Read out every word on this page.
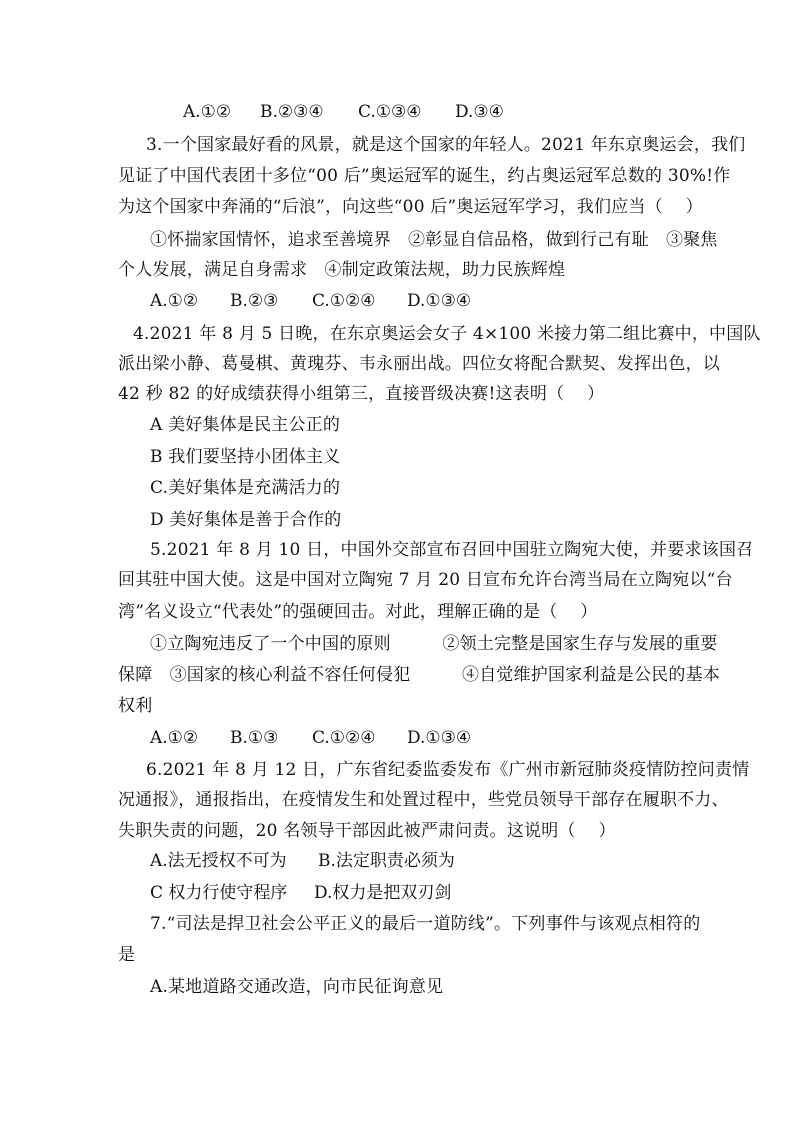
A.①② B.②③④ C.①③④ D.③④
3.一个国家最好看的风景，就是这个国家的年轻人。2021 年东京奥运会，我们
见证了中国代表团十多位“00 后”奥运冠军的诞生，约占奥运冠军总数的 30%!作
为这个国家中奔涌的“后浪”，向这些“00 后”奥运冠军学习，我们应当（　 ）
①怀揣家国情怀，追求至善境界　②彰显自信品格，做到行己有耻　③聚焦
个人发展，满足自身需求　④制定政策法规，助力民族辉煌
A.①② B.②③ C.①②④ D.①③④
4.2021 年 8 月 5 日晚，在东京奥运会女子 4×100 米接力第二组比赛中，中国队
派出梁小静、葛曼棋、黄瑰芬、韦永丽出战。四位女将配合默契、发挥出色，以
42 秒 82 的好成绩获得小组第三，直接晋级决赛!这表明（　 ）
A 美好集体是民主公正的
B 我们要坚持小团体主义
C.美好集体是充满活力的
D 美好集体是善于合作的
5.2021 年 8 月 10 日，中国外交部宣布召回中国驻立陶宛大使，并要求该国召
回其驻中国大使。这是中国对立陶宛 7 月 20 日宣布允许台湾当局在立陶宛以“台
湾”名义设立“代表处”的强硬回击。对此，理解正确的是（　 ）
①立陶宛违反了一个中国的原则　　　②领土完整是国家生存与发展的重要
保障　③国家的核心利益不容任何侵犯　　　④自觉维护国家利益是公民的基本
权利
A.①② B.①③ C.①②④ D.①③④
6.2021 年 8 月 12 日，广东省纪委监委发布《广州市新冠肺炎疫情防控问责情
况通报》，通报指出，在疫情发生和处置过程中，些党员领导干部存在履职不力、
失职失责的问题，20 名领导干部因此被严肃问责。这说明（　 ）
A.法无授权不可为 B.法定职责必须为
C 权力行使守程序 D.权力是把双刃剑
7.“司法是捍卫社会公平正义的最后一道防线”。下列事件与该观点相符的
是
A.某地道路交通改造，向市民征询意见
